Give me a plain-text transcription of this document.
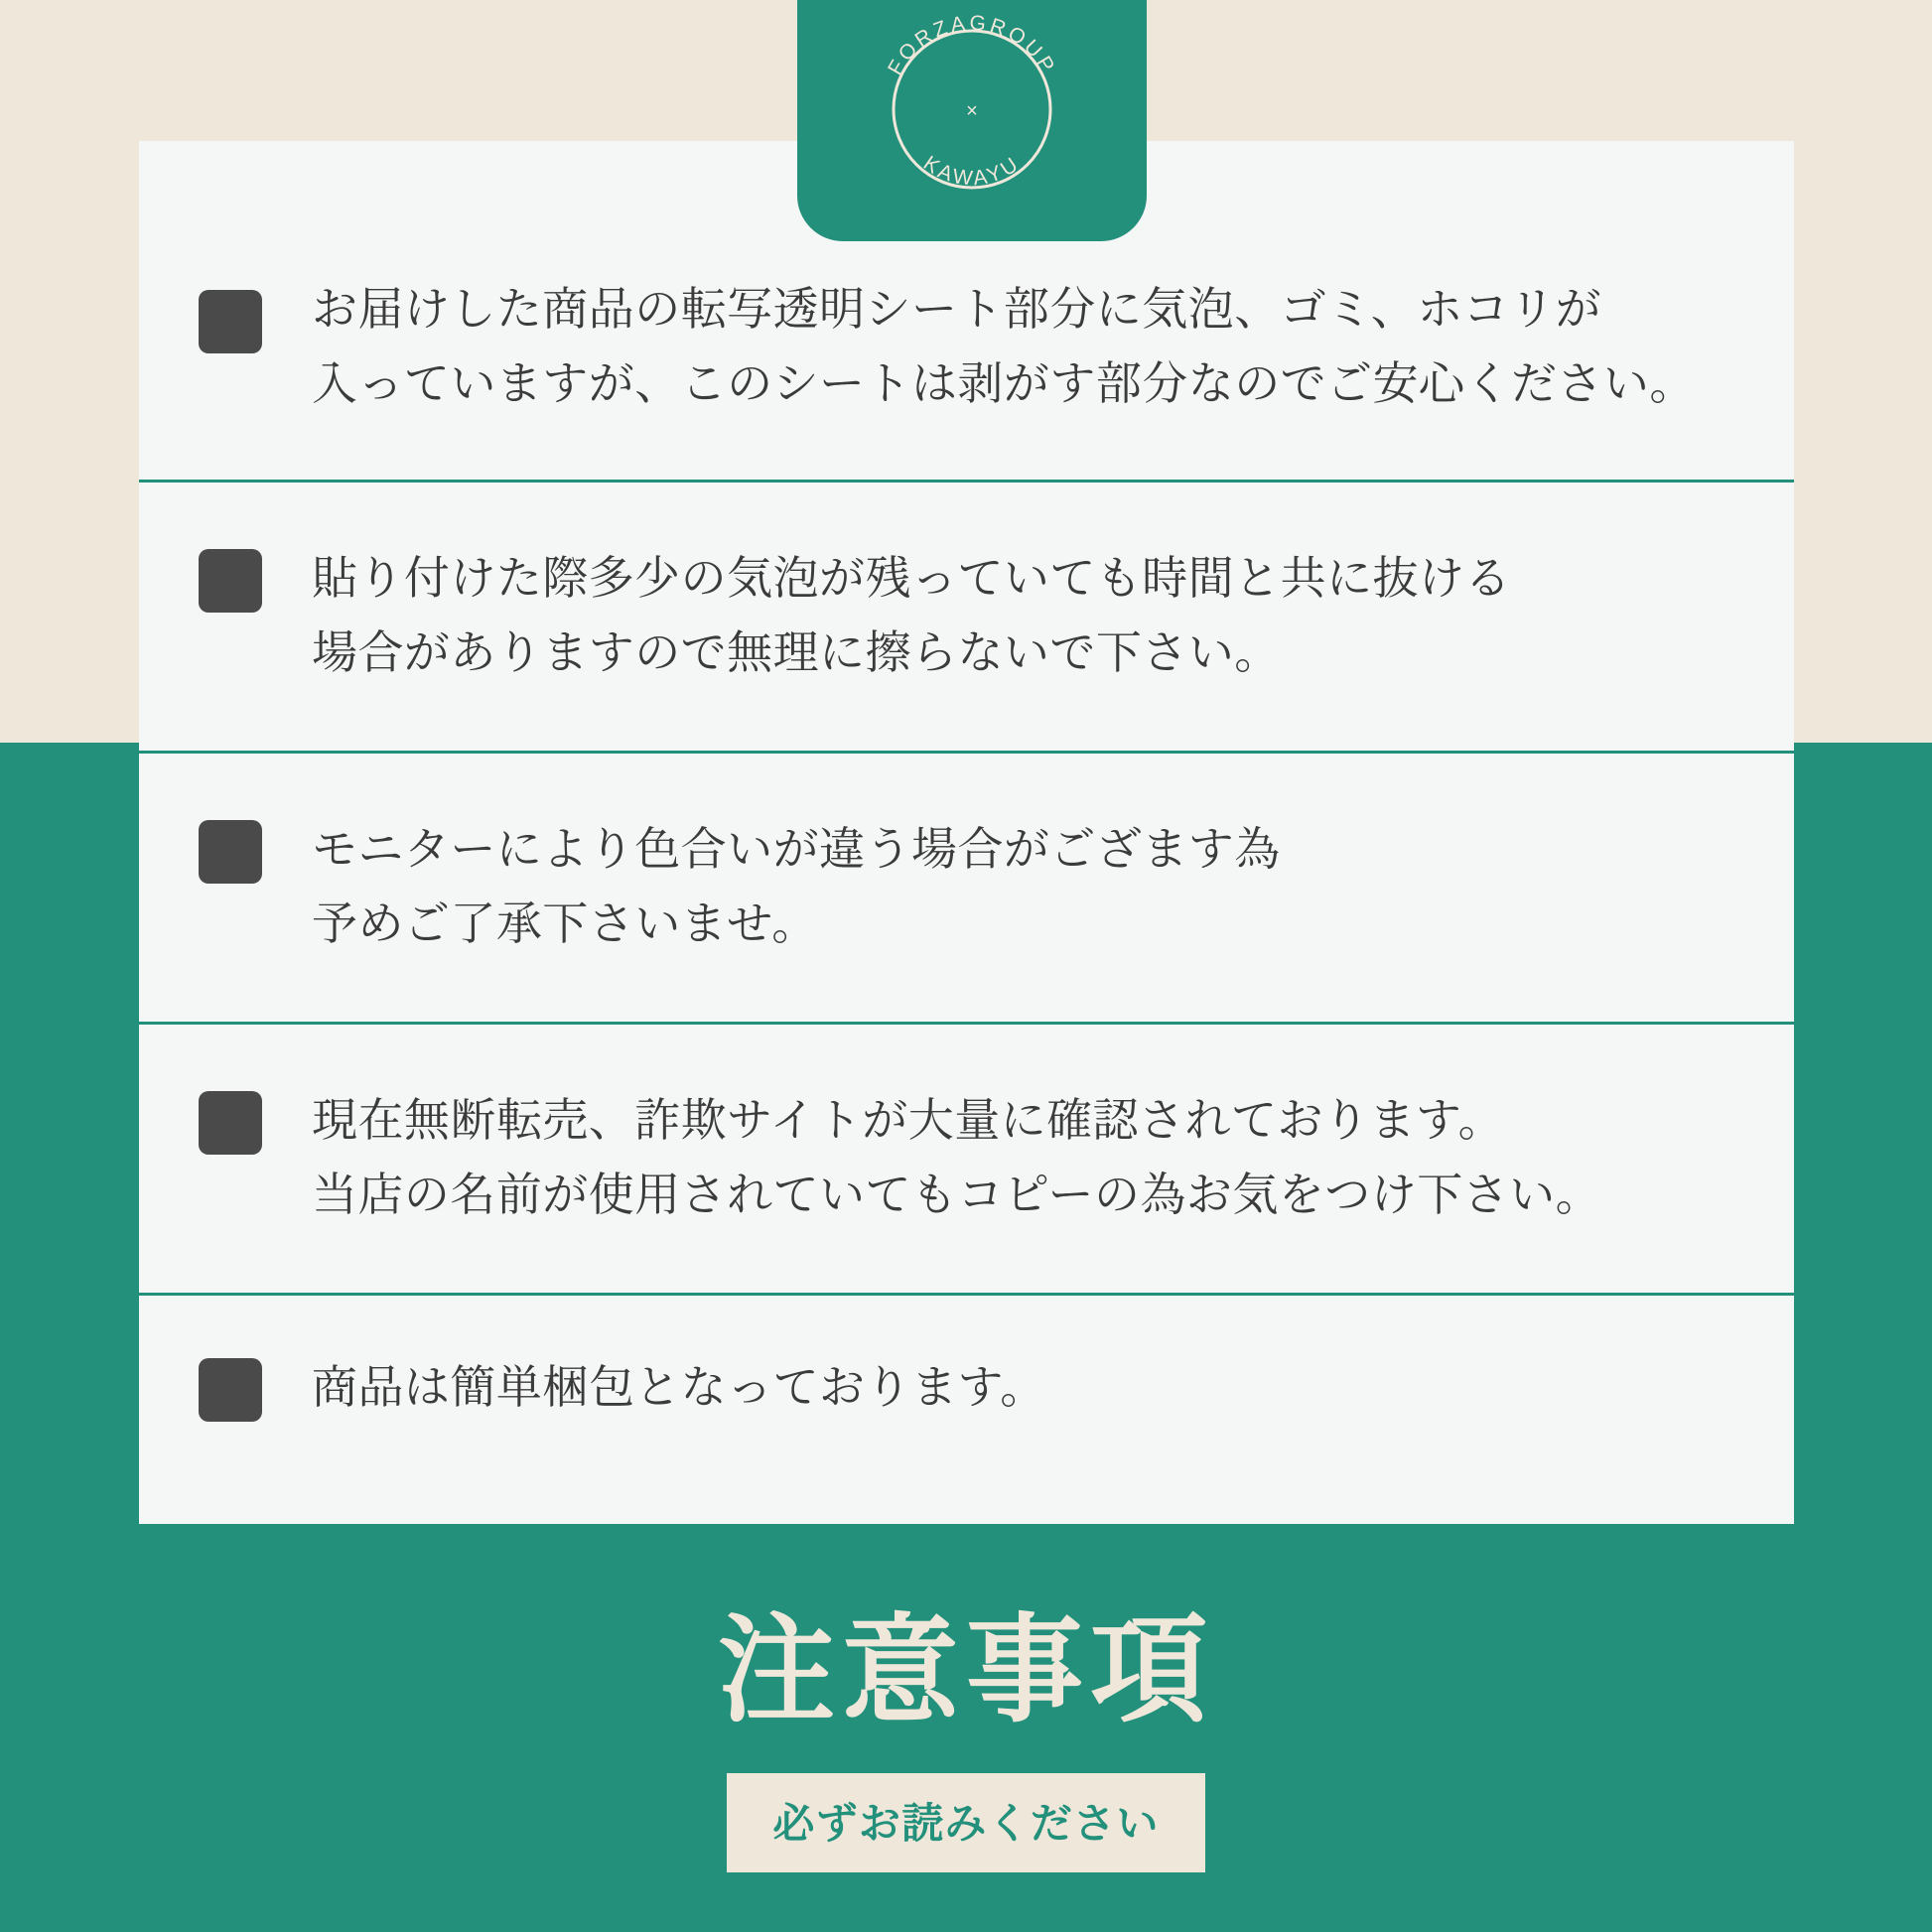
FORZAGROUP
KAWAYU
×
お届けした商品の転写透明シート部分に気泡、ゴミ、ホコリが
入っていますが、このシートは剥がす部分なのでご安心ください。
貼り付けた際多少の気泡が残っていても時間と共に抜ける
場合がありますので無理に擦らないで下さい。
モニターにより色合いが違う場合がござます為
予めご了承下さいませ。
現在無断転売、詐欺サイトが大量に確認されております。
当店の名前が使用されていてもコピーの為お気をつけ下さい。
商品は簡単梱包となっております。
注意事項
必ずお読みください
